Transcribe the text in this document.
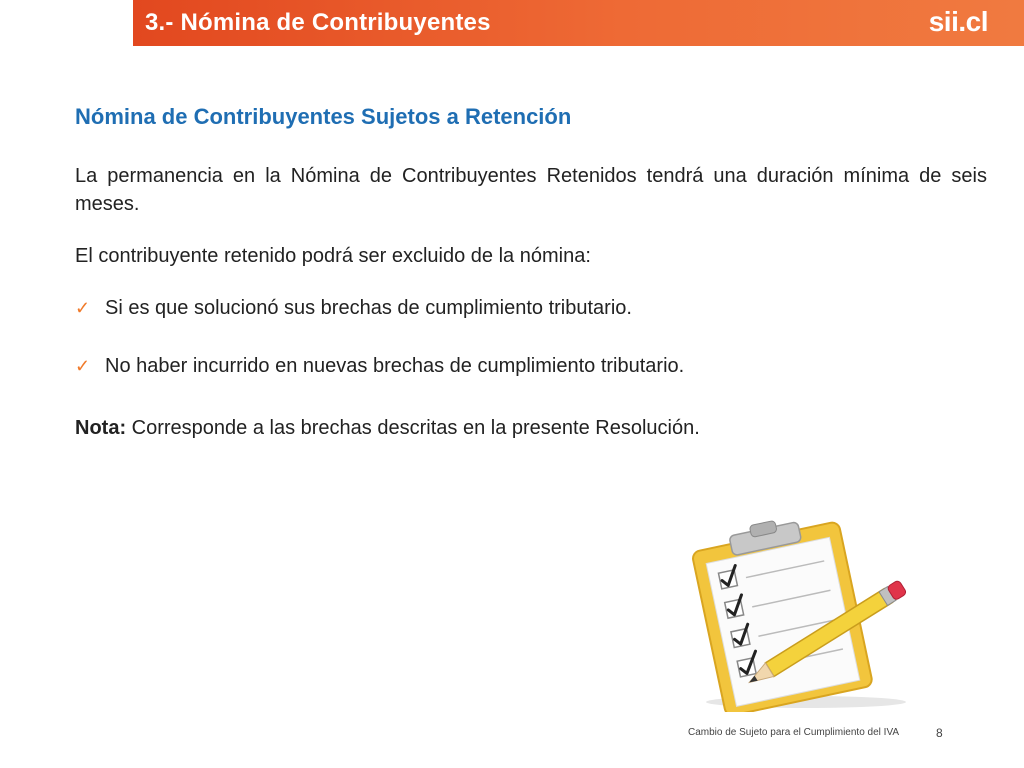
3.- Nómina de Contribuyentes	sii.cl
Nómina de Contribuyentes Sujetos a Retención

La permanencia en la Nómina de Contribuyentes Retenidos tendrá una duración mínima de seis meses.

El contribuyente retenido podrá ser excluido de la nómina:

✓ Si es que solucionó sus brechas de cumplimiento tributario.
✓ No haber incurrido en nuevas brechas de cumplimiento tributario.

Nota: Corresponde a las brechas descritas en la presente Resolución.

Cambio de Sujeto para el Cumplimiento del IVA	8
